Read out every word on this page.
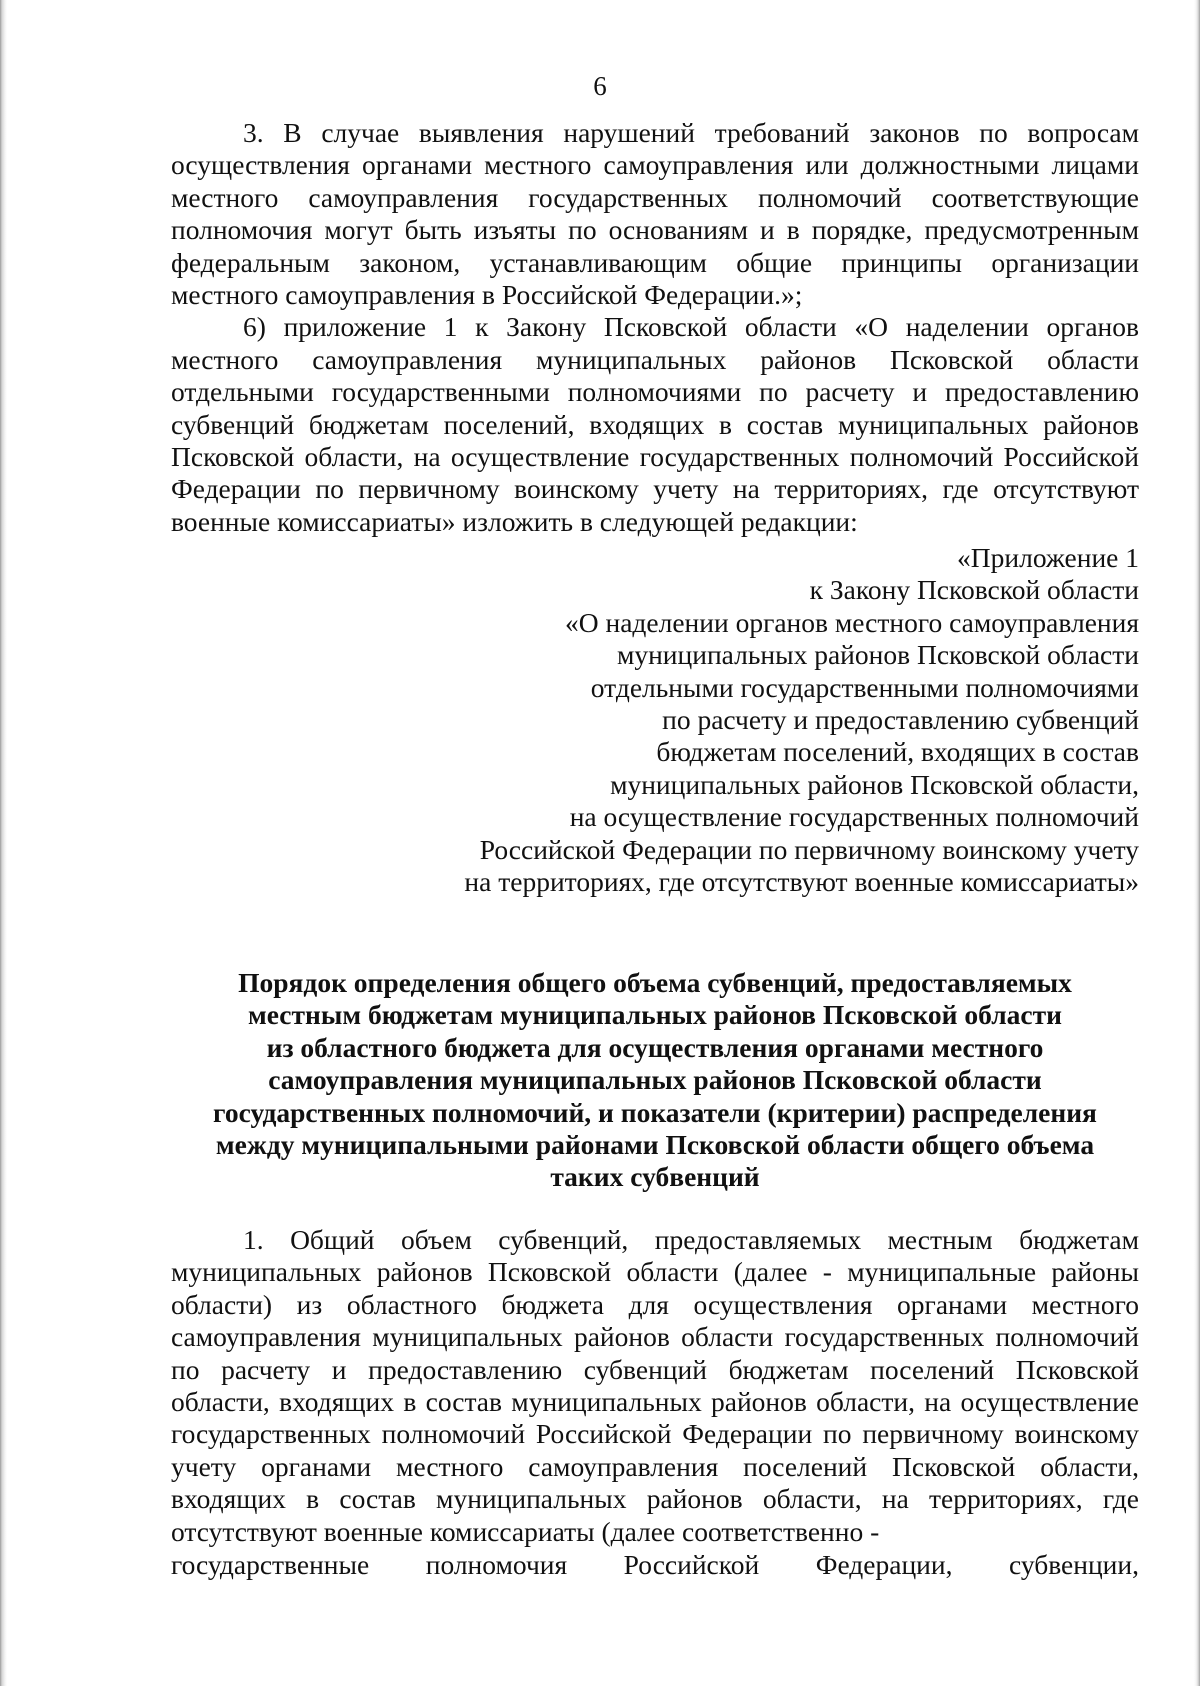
6

3. В случае выявления нарушений требований законов по вопросам осуществления органами местного самоуправления или должностными лицами местного самоуправления государственных полномочий соответствующие полномочия могут быть изъяты по основаниям и в порядке, предусмотренным федеральным законом, устанавливающим общие принципы организации местного самоуправления в Российской Федерации.»;

6) приложение 1 к Закону Псковской области «О наделении органов местного самоуправления муниципальных районов Псковской области отдельными государственными полномочиями по расчету и предоставлению субвенций бюджетам поселений, входящих в состав муниципальных районов Псковской области, на осуществление государственных полномочий Российской Федерации по первичному воинскому учету на территориях, где отсутствуют военные комиссариаты» изложить в следующей редакции:

«Приложение 1
к Закону Псковской области
«О наделении органов местного самоуправления
муниципальных районов Псковской области
отдельными государственными полномочиями
по расчету и предоставлению субвенций
бюджетам поселений, входящих в состав
муниципальных районов Псковской области,
на осуществление государственных полномочий
Российской Федерации по первичному воинскому учету
на территориях, где отсутствуют военные комиссариаты»
Порядок определения общего объема субвенций, предоставляемых
местным бюджетам муниципальных районов Псковской области
из областного бюджета для осуществления органами местного
самоуправления муниципальных районов Псковской области
государственных полномочий, и показатели (критерии) распределения
между муниципальными районами Псковской области общего объема
таких субвенций

1. Общий объем субвенций, предоставляемых местным бюджетам муниципальных районов Псковской области (далее - муниципальные районы области) из областного бюджета для осуществления органами местного самоуправления муниципальных районов области государственных полномочий по расчету и предоставлению субвенций бюджетам поселений Псковской области, входящих в состав муниципальных районов области, на осуществление государственных полномочий Российской Федерации по первичному воинскому учету органами местного самоуправления поселений Псковской области, входящих в состав муниципальных районов области, на территориях, где отсутствуют военные комиссариаты (далее соответственно -

государственные полномочия Российской Федерации, субвенции,
